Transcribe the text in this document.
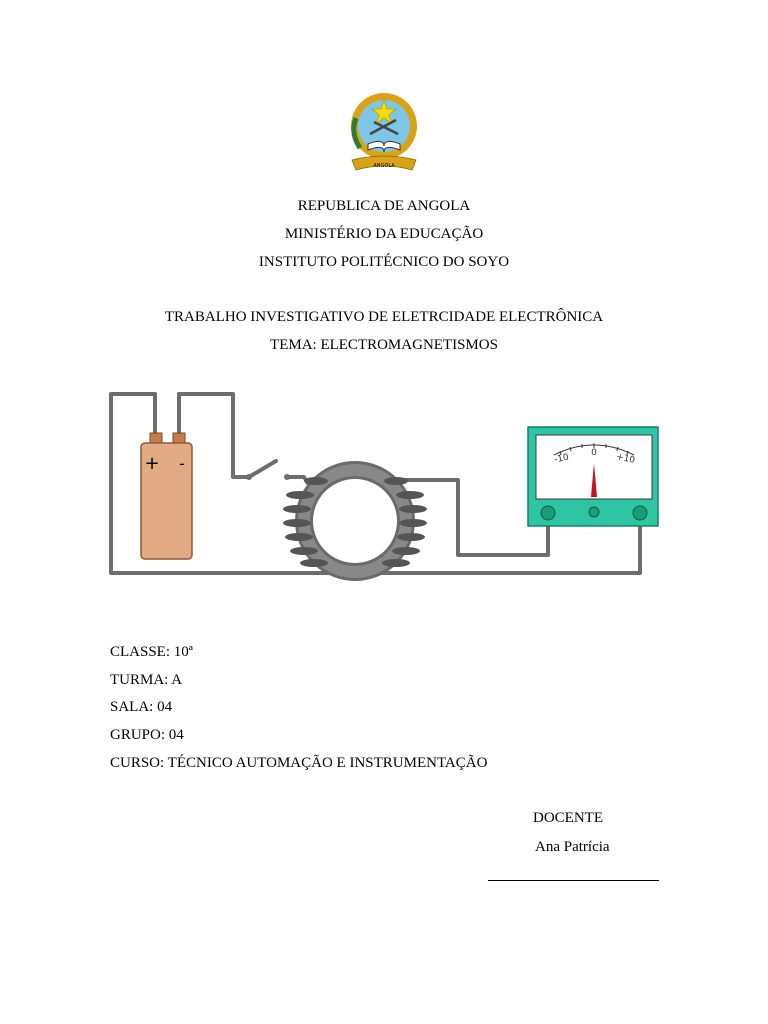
ANGOLA
REPUBLICA DE ANGOLA
MINISTÉRIO DA EDUCAÇÃO
INSTITUTO POLITÉCNICO DO SOYO
TRABALHO INVESTIGATIVO DE ELETRCIDADE ELECTRÔNICA
TEMA: ELECTROMAGNETISMOS
+ -	-10 0 +10
CLASSE: 10ª
TURMA: A
SALA: 04
GRUPO: 04
CURSO: TÉCNICO AUTOMAÇÃO E INSTRUMENTAÇÃO
DOCENTE
Ana Patrícia
